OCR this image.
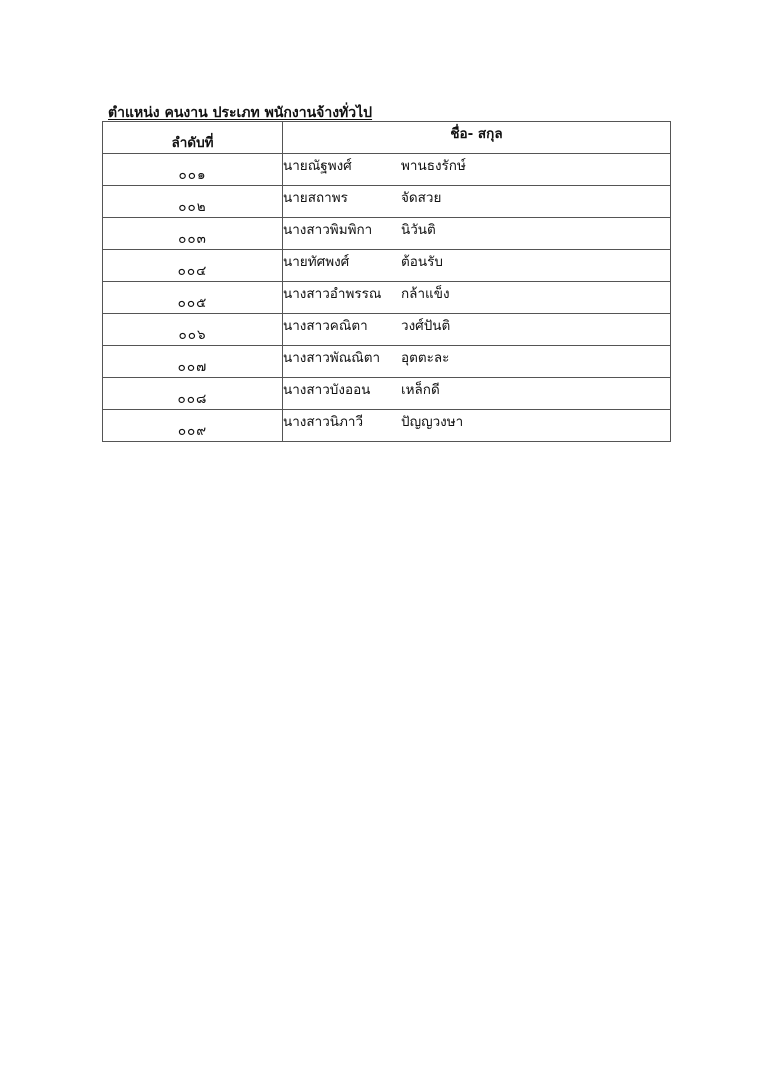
ตำแหน่ง คนงาน ประเภท พนักงานจ้างทั่วไป
ลำดับที่	ชื่อ- สกุล
๐๐๑	นายณัฐพงศ์ พานธงรักษ์
๐๐๒	นายสถาพร จัดสวย
๐๐๓	นางสาวพิมพิกา นิวันติ
๐๐๔	นายทัศพงศ์ ต้อนรับ
๐๐๕	นางสาวอำพรรณ กล้าแข็ง
๐๐๖	นางสาวคณิตา วงศ์ปันติ
๐๐๗	นางสาวพัณณิตา อุตตะละ
๐๐๘	นางสาวบังออน เหล็กดี
๐๐๙	นางสาวนิภาวี ปัญญวงษา
